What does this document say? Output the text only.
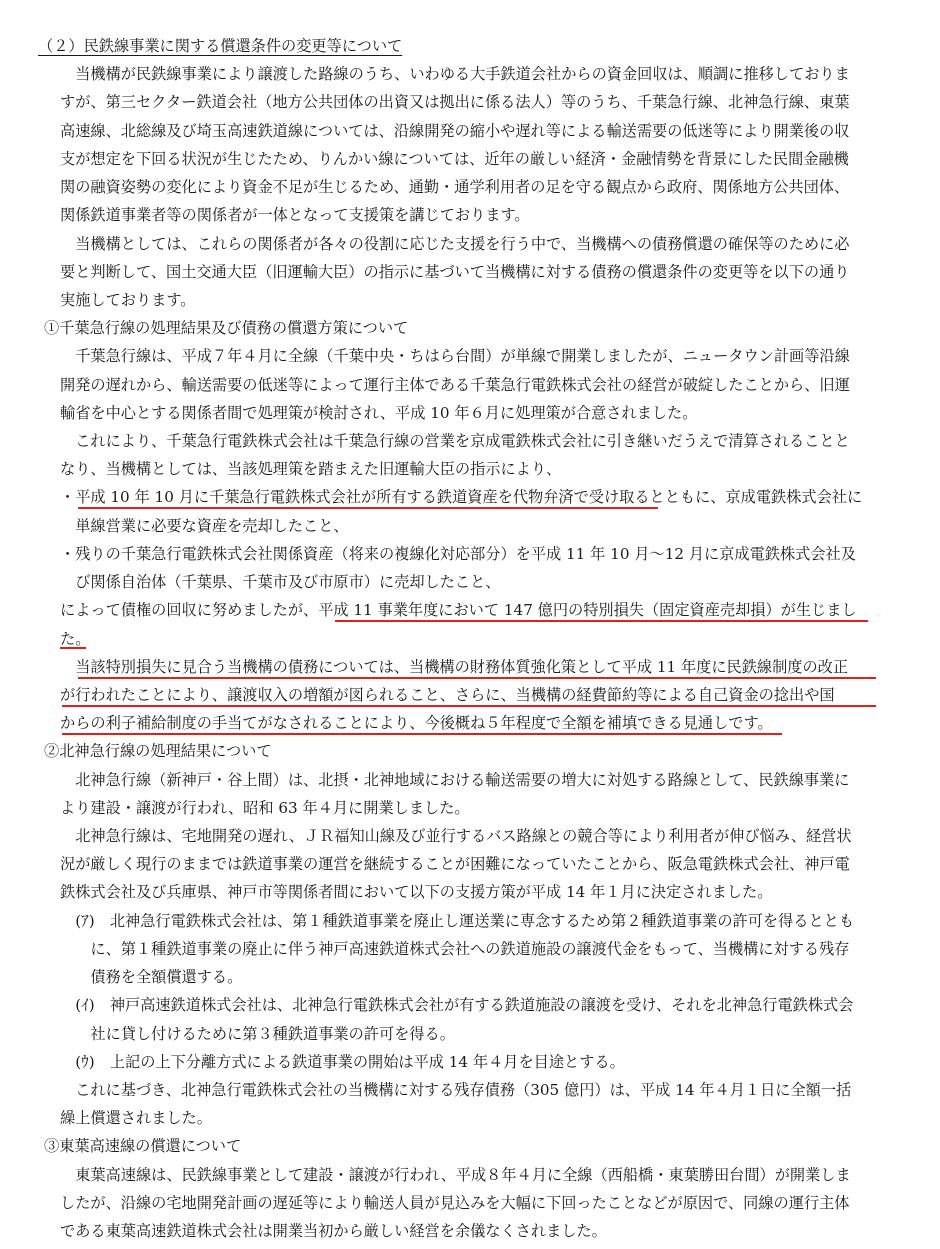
（２）民鉄線事業に関する償還条件の変更等について
　当機構が民鉄線事業により譲渡した路線のうち、いわゆる大手鉄道会社からの資金回収は、順調に推移しておりま
すが、第三セクター鉄道会社（地方公共団体の出資又は拠出に係る法人）等のうち、千葉急行線、北神急行線、東葉
高速線、北総線及び埼玉高速鉄道線については、沿線開発の縮小や遅れ等による輸送需要の低迷等により開業後の収
支が想定を下回る状況が生じたため、りんかい線については、近年の厳しい経済・金融情勢を背景にした民間金融機
関の融資姿勢の変化により資金不足が生じるため、通勤・通学利用者の足を守る観点から政府、関係地方公共団体、
関係鉄道事業者等の関係者が一体となって支援策を講じております。
　当機構としては、これらの関係者が各々の役割に応じた支援を行う中で、当機構への債務償還の確保等のために必
要と判断して、国土交通大臣（旧運輸大臣）の指示に基づいて当機構に対する債務の償還条件の変更等を以下の通り
実施しております。
①千葉急行線の処理結果及び債務の償還方策について
　千葉急行線は、平成７年４月に全線（千葉中央・ちはら台間）が単線で開業しましたが、ニュータウン計画等沿線
開発の遅れから、輸送需要の低迷等によって運行主体である千葉急行電鉄株式会社の経営が破綻したことから、旧運
輸省を中心とする関係者間で処理策が検討され、平成 10 年６月に処理策が合意されました。
　これにより、千葉急行電鉄株式会社は千葉急行線の営業を京成電鉄株式会社に引き継いだうえで清算されることと
なり、当機構としては、当該処理策を踏まえた旧運輸大臣の指示により、
・平成 10 年 10 月に千葉急行電鉄株式会社が所有する鉄道資産を代物弁済で受け取るとともに、京成電鉄株式会社に
　単線営業に必要な資産を売却したこと、
・残りの千葉急行電鉄株式会社関係資産（将来の複線化対応部分）を平成 11 年 10 月～12 月に京成電鉄株式会社及
　び関係自治体（千葉県、千葉市及び市原市）に売却したこと、
によって債権の回収に努めましたが、平成 11 事業年度において 147 億円の特別損失（固定資産売却損）が生じまし
た。
　当該特別損失に見合う当機構の債務については、当機構の財務体質強化策として平成 11 年度に民鉄線制度の改正
が行われたことにより、譲渡収入の増額が図られること、さらに、当機構の経費節約等による自己資金の捻出や国
からの利子補給制度の手当てがなされることにより、今後概ね５年程度で全額を補填できる見通しです。
②北神急行線の処理結果について
　北神急行線（新神戸・谷上間）は、北摂・北神地域における輸送需要の増大に対処する路線として、民鉄線事業に
より建設・譲渡が行われ、昭和 63 年４月に開業しました。
　北神急行線は、宅地開発の遅れ、ＪＲ福知山線及び並行するバス路線との競合等により利用者が伸び悩み、経営状
況が厳しく現行のままでは鉄道事業の運営を継続することが困難になっていたことから、阪急電鉄株式会社、神戸電
鉄株式会社及び兵庫県、神戸市等関係者間において以下の支援方策が平成 14 年１月に決定されました。
　(ｱ)　北神急行電鉄株式会社は、第１種鉄道事業を廃止し運送業に専念するため第２種鉄道事業の許可を得るととも
　　に、第１種鉄道事業の廃止に伴う神戸高速鉄道株式会社への鉄道施設の譲渡代金をもって、当機構に対する残存
　　債務を全額償還する。
　(ｲ)　神戸高速鉄道株式会社は、北神急行電鉄株式会社が有する鉄道施設の譲渡を受け、それを北神急行電鉄株式会
　　社に貸し付けるために第３種鉄道事業の許可を得る。
　(ｳ)　上記の上下分離方式による鉄道事業の開始は平成 14 年４月を目途とする。
　これに基づき、北神急行電鉄株式会社の当機構に対する残存債務（305 億円）は、平成 14 年４月１日に全額一括
繰上償還されました。
③東葉高速線の償還について
　東葉高速線は、民鉄線事業として建設・譲渡が行われ、平成８年４月に全線（西船橋・東葉勝田台間）が開業しま
したが、沿線の宅地開発計画の遅延等により輸送人員が見込みを大幅に下回ったことなどが原因で、同線の運行主体
である東葉高速鉄道株式会社は開業当初から厳しい経営を余儀なくされました。
